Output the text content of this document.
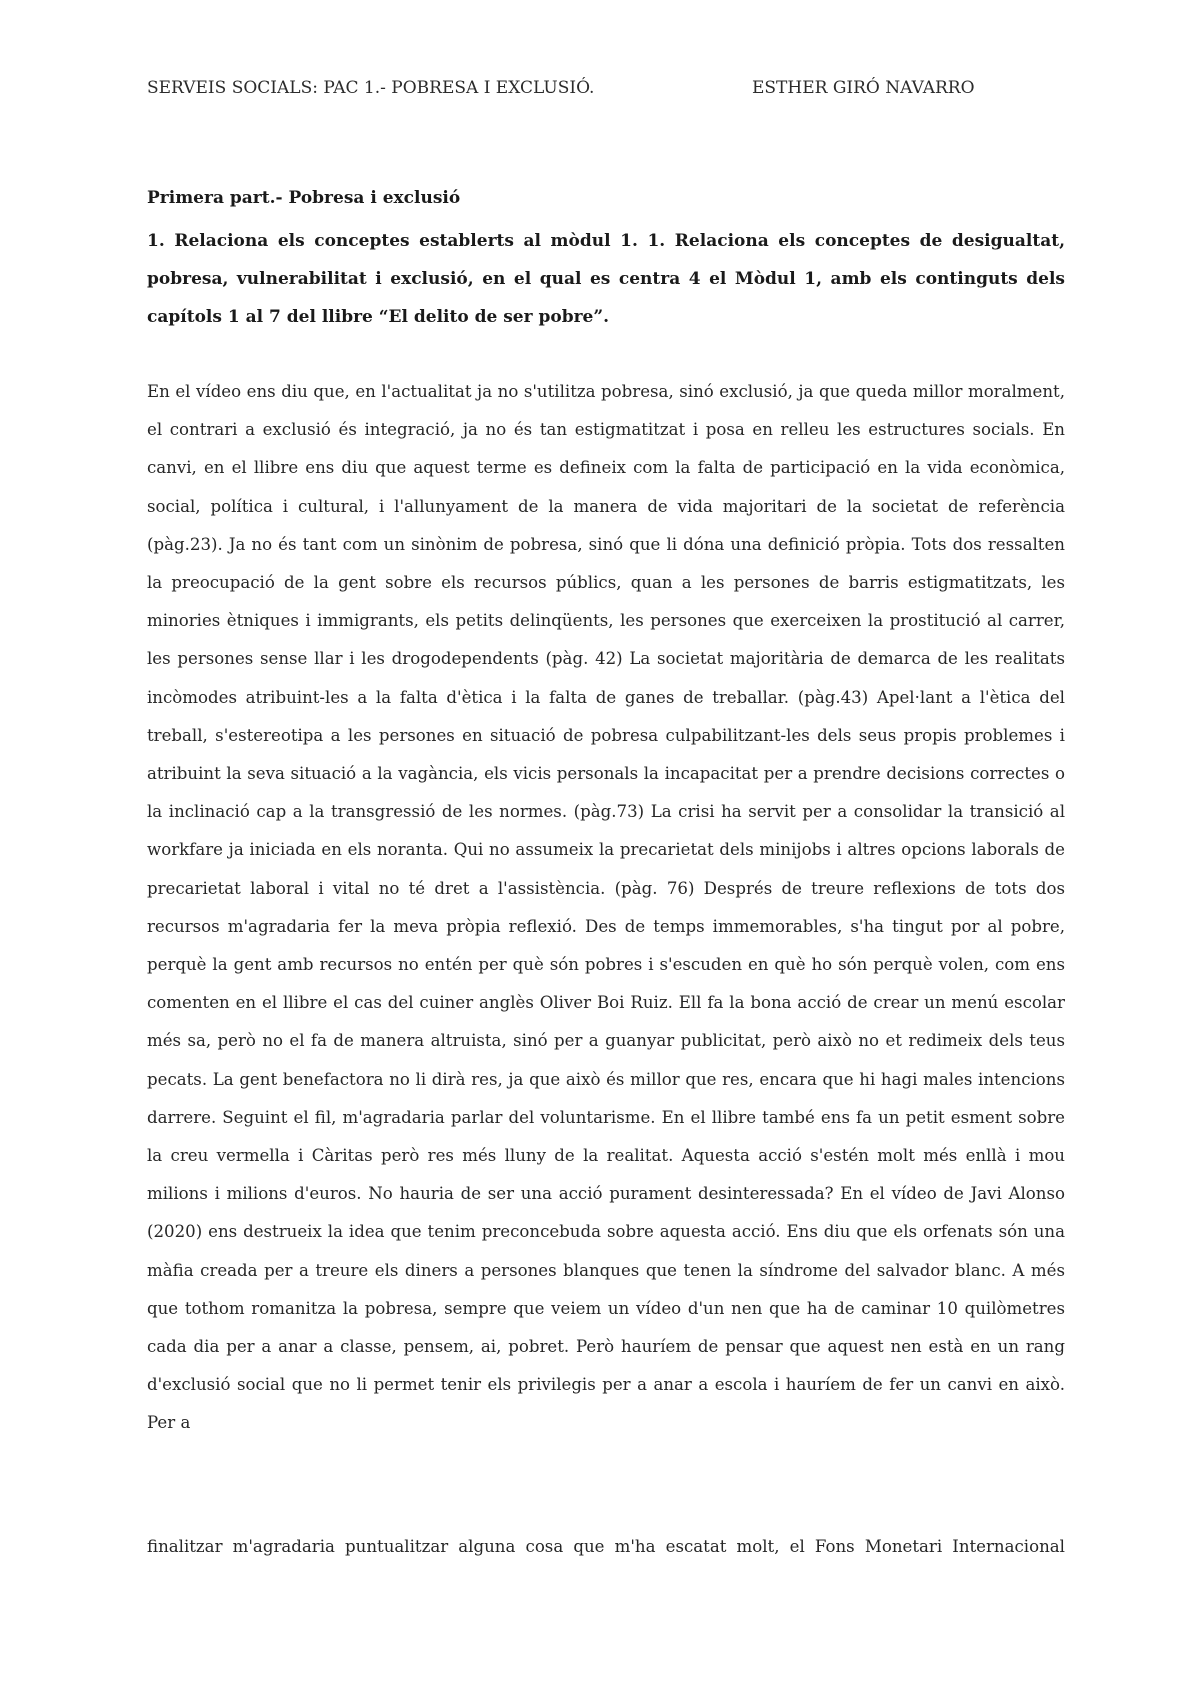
SERVEIS SOCIALS: PAC 1.- POBRESA I EXCLUSIÓ.	ESTHER GIRÓ NAVARRO
Primera part.- Pobresa i exclusió

1. Relaciona els conceptes establerts al mòdul 1. 1. Relaciona els conceptes de desigualtat, pobresa, vulnerabilitat i exclusió, en el qual es centra 4 el Mòdul 1, amb els continguts dels capítols 1 al 7 del llibre “El delito de ser pobre”.

En el vídeo ens diu que, en l'actualitat ja no s'utilitza pobresa, sinó exclusió, ja que queda millor moralment, el contrari a exclusió és integració, ja no és tan estigmatitzat i posa en relleu les estructures socials. En canvi, en el llibre ens diu que aquest terme es defineix com la falta de participació en la vida econòmica, social, política i cultural, i l'allunyament de la manera de vida majoritari de la societat de referència (pàg.23). Ja no és tant com un sinònim de pobresa, sinó que li dóna una definició pròpia. Tots dos ressalten la preocupació de la gent sobre els recursos públics, quan a les persones de barris estigmatitzats, les minories ètniques i immigrants, els petits delinqüents, les persones que exerceixen la prostitució al carrer, les persones sense llar i les drogodependents (pàg. 42) La societat majoritària de demarca de les realitats incòmodes atribuint-les a la falta d'ètica i la falta de ganes de treballar. (pàg.43) Apel·lant a l'ètica del treball, s'estereotipa a les persones en situació de pobresa culpabilitzant-les dels seus propis problemes i atribuint la seva situació a la vagància, els vicis personals la incapacitat per a prendre decisions correctes o la inclinació cap a la transgressió de les normes. (pàg.73) La crisi ha servit per a consolidar la transició al workfare ja iniciada en els noranta. Qui no assumeix la precarietat dels minijobs i altres opcions laborals de precarietat laboral i vital no té dret a l'assistència. (pàg. 76) Després de treure reflexions de tots dos recursos m'agradaria fer la meva pròpia reflexió. Des de temps immemorables, s'ha tingut por al pobre, perquè la gent amb recursos no entén per què són pobres i s'escuden en què ho són perquè volen, com ens comenten en el llibre el cas del cuiner anglès Oliver Boi Ruiz. Ell fa la bona acció de crear un menú escolar més sa, però no el fa de manera altruista, sinó per a guanyar publicitat, però això no et redimeix dels teus pecats. La gent benefactora no li dirà res, ja que això és millor que res, encara que hi hagi males intencions darrere. Seguint el fil, m'agradaria parlar del voluntarisme. En el llibre també ens fa un petit esment sobre la creu vermella i Càritas però res més lluny de la realitat. Aquesta acció s'estén molt més enllà i mou milions i milions d'euros. No hauria de ser una acció purament desinteressada? En el vídeo de Javi Alonso (2020) ens destrueix la idea que tenim preconcebuda sobre aquesta acció. Ens diu que els orfenats són una màfia creada per a treure els diners a persones blanques que tenen la síndrome del salvador blanc. A més que tothom romanitza la pobresa, sempre que veiem un vídeo d'un nen que ha de caminar 10 quilòmetres cada dia per a anar a classe, pensem, ai, pobret. Però hauríem de pensar que aquest nen està en un rang d'exclusió social que no li permet tenir els privilegis per a anar a escola i hauríem de fer un canvi en això. Per a

finalitzar m'agradaria puntualitzar alguna cosa que m'ha escatat molt, el Fons Monetari Internacional
